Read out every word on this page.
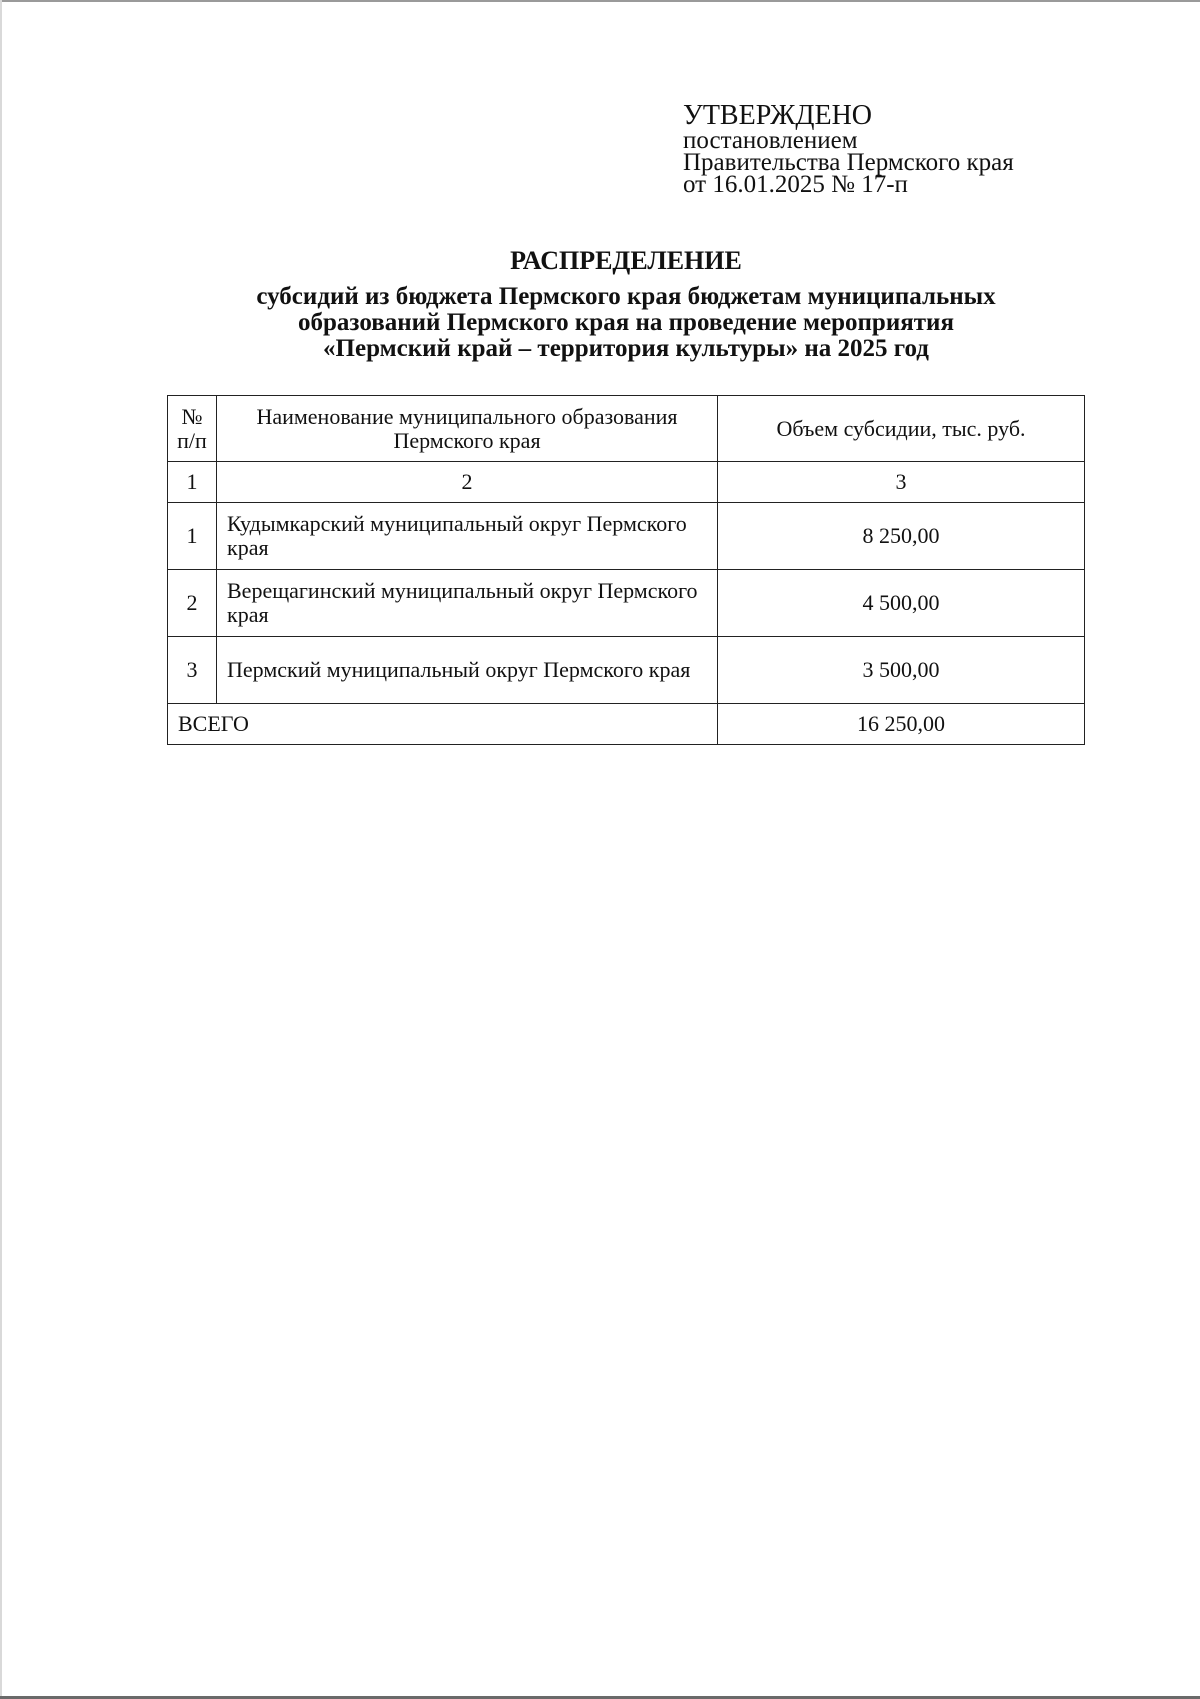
УТВЕРЖДЕНО
постановлением
Правительства Пермского края
от 16.01.2025 № 17-п
РАСПРЕДЕЛЕНИЕ
субсидий из бюджета Пермского края бюджетам муниципальных
образований Пермского края на проведение мероприятия
«Пермский край – территория культуры» на 2025 год
№ п/п	Наименование муниципального образования Пермского края	Объем субсидии, тыс. руб.
1	2	3
1	Кудымкарский муниципальный округ Пермского края	8 250,00
2	Верещагинский муниципальный округ Пермского края	4 500,00
3	Пермский муниципальный округ Пермского края	3 500,00
ВСЕГО		16 250,00
